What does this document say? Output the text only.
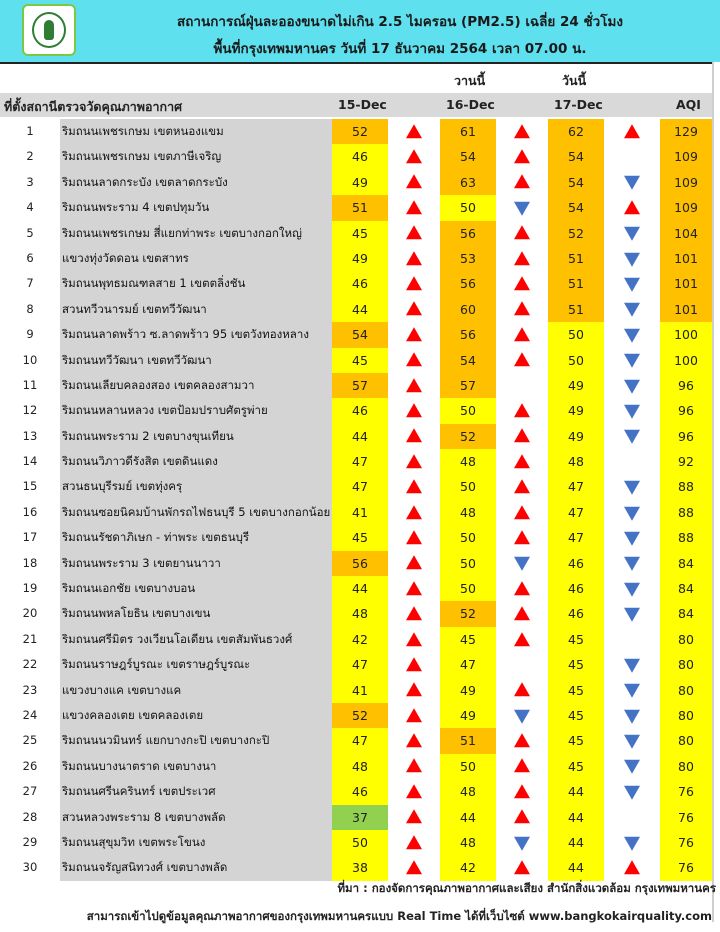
สถานการณ์ฝุ่นละอองขนาดไม่เกิน 2.5 ไมครอน (PM2.5) เฉลี่ย 24 ชั่วโมง
พื้นที่กรุงเทพมหานคร วันที่ 17 ธันวาคม 2564 เวลา 07.00 น.
วานนี้	วันนี้
ที่ตั้งสถานีตรวจวัดคุณภาพอากาศ	15-Dec	16-Dec	17-Dec	AQI
1	ริมถนนเพชรเกษม เขตหนองแขม	52	61	62	129
2	ริมถนนเพชรเกษม เขตภาษีเจริญ	46	54	54	109
3	ริมถนนลาดกระบัง เขตลาดกระบัง	49	63	54	109
4	ริมถนนพระราม 4 เขตปทุมวัน	51	50	54	109
5	ริมถนนเพชรเกษม สี่แยกท่าพระ เขตบางกอกใหญ่	45	56	52	104
6	แขวงทุ่งวัดดอน เขตสาทร	49	53	51	101
7	ริมถนนพุทธมณฑลสาย 1 เขตตลิ่งชัน	46	56	51	101
8	สวนทวีวนารมย์ เขตทวีวัฒนา	44	60	51	101
9	ริมถนนลาดพร้าว ซ.ลาดพร้าว 95 เขตวังทองหลาง	54	56	50	100
10	ริมถนนทวีวัฒนา เขตทวีวัฒนา	45	54	50	100
11	ริมถนนเลียบคลองสอง เขตคลองสามวา	57	57	49	96
12	ริมถนนหลานหลวง เขตป้อมปราบศัตรูพ่าย	46	50	49	96
13	ริมถนนพระราม 2 เขตบางขุนเทียน	44	52	49	96
14	ริมถนนวิภาวดีรังสิต เขตดินแดง	47	48	48	92
15	สวนธนบุรีรมย์ เขตทุ่งครุ	47	50	47	88
16	ริมถนนซอยนิคมบ้านพักรถไฟธนบุรี 5 เขตบางกอกน้อย	41	48	47	88
17	ริมถนนรัชดาภิเษก - ท่าพระ เขตธนบุรี	45	50	47	88
18	ริมถนนพระราม 3 เขตยานนาวา	56	50	46	84
19	ริมถนนเอกชัย เขตบางบอน	44	50	46	84
20	ริมถนนพหลโยธิน เขตบางเขน	48	52	46	84
21	ริมถนนศรีมิตร วงเวียนโอเดียน เขตสัมพันธวงศ์	42	45	45	80
22	ริมถนนราษฎร์บูรณะ เขตราษฎร์บูรณะ	47	47	45	80
23	แขวงบางแค เขตบางแค	41	49	45	80
24	แขวงคลองเตย เขตคลองเตย	52	49	45	80
25	ริมถนนนวมินทร์ แยกบางกะปิ เขตบางกะปิ	47	51	45	80
26	ริมถนนบางนาตราด เขตบางนา	48	50	45	80
27	ริมถนนศรีนครินทร์ เขตประเวศ	46	48	44	76
28	สวนหลวงพระราม 8 เขตบางพลัด	37	44	44	76
29	ริมถนนสุขุมวิท เขตพระโขนง	50	48	44	76
30	ริมถนนจรัญสนิทวงศ์ เขตบางพลัด	38	42	44	76
ที่มา : กองจัดการคุณภาพอากาศและเสียง สำนักสิ่งแวดล้อม กรุงเทพมหานคร
สามารถเข้าไปดูข้อมูลคุณภาพอากาศของกรุงเทพมหานครแบบ Real Time ได้ที่เว็บไซต์ www.bangkokairquality.com
